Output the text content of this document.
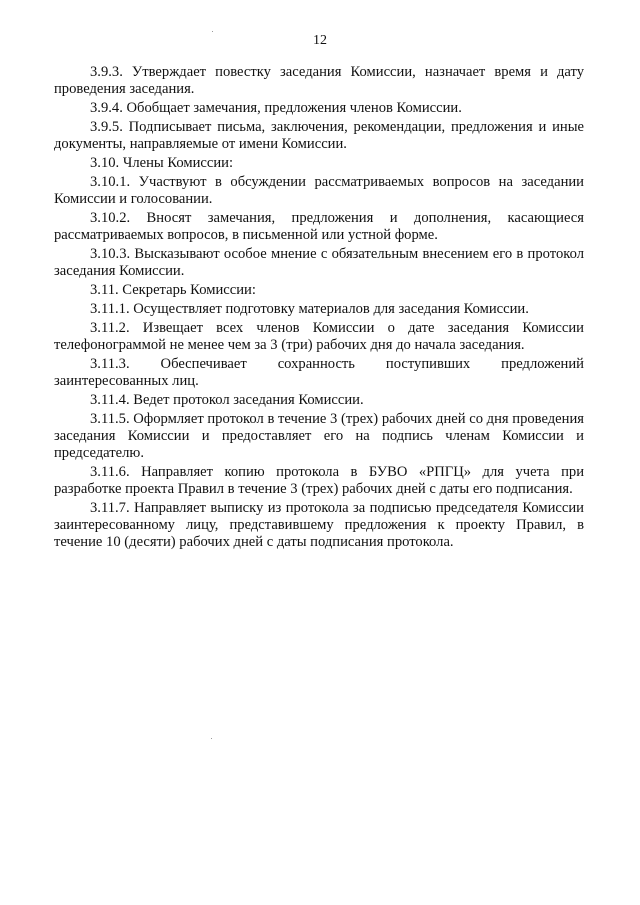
12

3.9.3. Утверждает повестку заседания Комиссии, назначает время и дату проведения заседания.

3.9.4. Обобщает замечания, предложения членов Комиссии.

3.9.5. Подписывает письма, заключения, рекомендации, предложения и иные документы, направляемые от имени Комиссии.

3.10. Члены Комиссии:

3.10.1. Участвуют в обсуждении рассматриваемых вопросов на заседании Комиссии и голосовании.

3.10.2. Вносят замечания, предложения и дополнения, касающиеся рассматриваемых вопросов, в письменной или устной форме.

3.10.3. Высказывают особое мнение с обязательным внесением его в протокол заседания Комиссии.

3.11. Секретарь Комиссии:

3.11.1. Осуществляет подготовку материалов для заседания Комиссии.

3.11.2. Извещает всех членов Комиссии о дате заседания Комиссии телефонограммой не менее чем за 3 (три) рабочих дня до начала заседания.

3.11.3. Обеспечивает сохранность поступивших предложений заинтересованных лиц.

3.11.4. Ведет протокол заседания Комиссии.

3.11.5. Оформляет протокол в течение 3 (трех) рабочих дней со дня проведения заседания Комиссии и предоставляет его на подпись членам Комиссии и председателю.

3.11.6. Направляет копию протокола в БУВО «РПГЦ» для учета при разработке проекта Правил в течение 3 (трех) рабочих дней с даты его подписания.

3.11.7. Направляет выписку из протокола за подписью председателя Комиссии заинтересованному лицу, представившему предложения к проекту Правил, в течение 10 (десяти) рабочих дней с даты подписания протокола.
